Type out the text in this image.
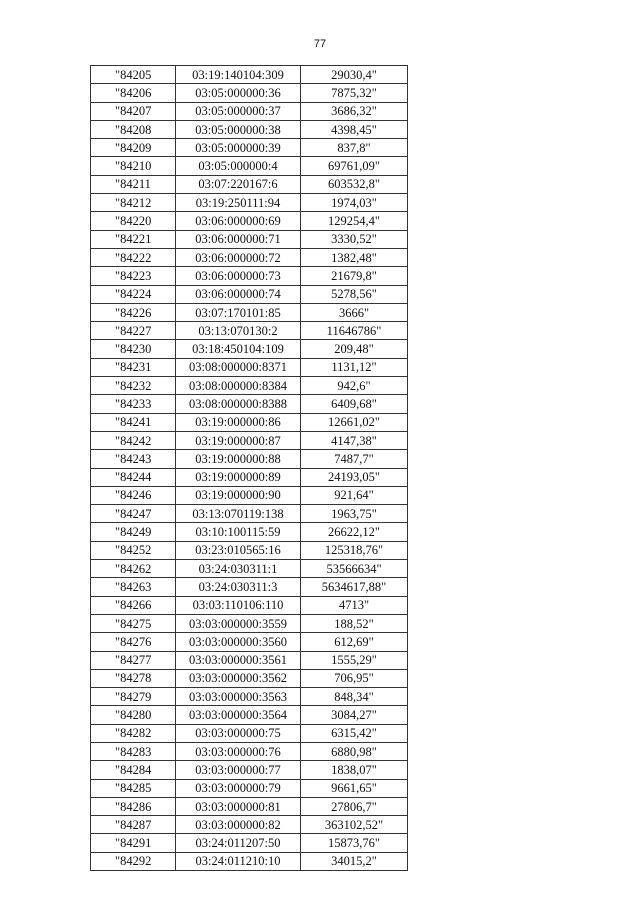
77
"84205	03:19:140104:309	29030,4"
"84206	03:05:000000:36	7875,32"
"84207	03:05:000000:37	3686,32"
"84208	03:05:000000:38	4398,45"
"84209	03:05:000000:39	837,8"
"84210	03:05:000000:4	69761,09"
"84211	03:07:220167:6	603532,8"
"84212	03:19:250111:94	1974,03"
"84220	03:06:000000:69	129254,4"
"84221	03:06:000000:71	3330,52"
"84222	03:06:000000:72	1382,48"
"84223	03:06:000000:73	21679,8"
"84224	03:06:000000:74	5278,56"
"84226	03:07:170101:85	3666"
"84227	03:13:070130:2	11646786"
"84230	03:18:450104:109	209,48"
"84231	03:08:000000:8371	1131,12"
"84232	03:08:000000:8384	942,6"
"84233	03:08:000000:8388	6409,68"
"84241	03:19:000000:86	12661,02"
"84242	03:19:000000:87	4147,38"
"84243	03:19:000000:88	7487,7"
"84244	03:19:000000:89	24193,05"
"84246	03:19:000000:90	921,64"
"84247	03:13:070119:138	1963,75"
"84249	03:10:100115:59	26622,12"
"84252	03:23:010565:16	125318,76"
"84262	03:24:030311:1	53566634"
"84263	03:24:030311:3	5634617,88"
"84266	03:03:110106:110	4713"
"84275	03:03:000000:3559	188,52"
"84276	03:03:000000:3560	612,69"
"84277	03:03:000000:3561	1555,29"
"84278	03:03:000000:3562	706,95"
"84279	03:03:000000:3563	848,34"
"84280	03:03:000000:3564	3084,27"
"84282	03:03:000000:75	6315,42"
"84283	03:03:000000:76	6880,98"
"84284	03:03:000000:77	1838,07"
"84285	03:03:000000:79	9661,65"
"84286	03:03:000000:81	27806,7"
"84287	03:03:000000:82	363102,52"
"84291	03:24:011207:50	15873,76"
"84292	03:24:011210:10	34015,2"
